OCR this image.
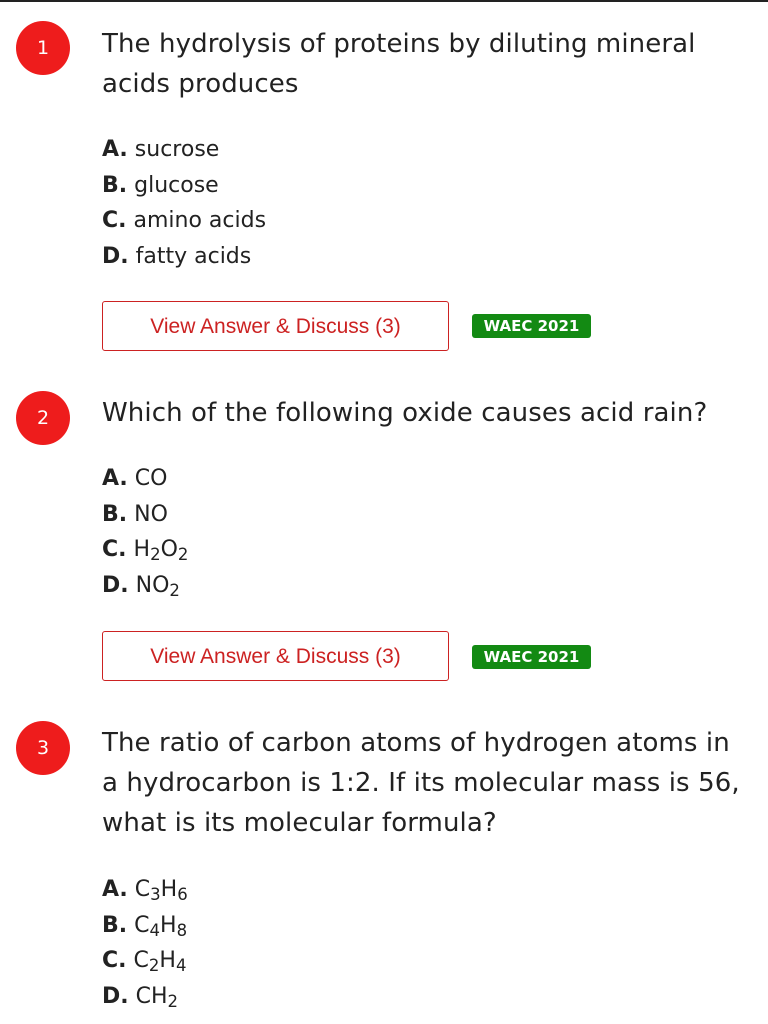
1	The hydrolysis of proteins by diluting mineral acids produces
A. sucrose
B. glucose
C. amino acids
D. fatty acids
View Answer & Discuss (3)	WAEC 2021
2	Which of the following oxide causes acid rain?
A. CO
B. NO
C. $H_2O_2$
D. $NO_2$
View Answer & Discuss (3)	WAEC 2021
3	The ratio of carbon atoms of hydrogen atoms in a hydrocarbon is 1:2. If its molecular mass is 56, what is its molecular formula?
A. $C_3H_6$
B. $C_4H_8$
C. $C_2H_4$
D. $CH_2$
